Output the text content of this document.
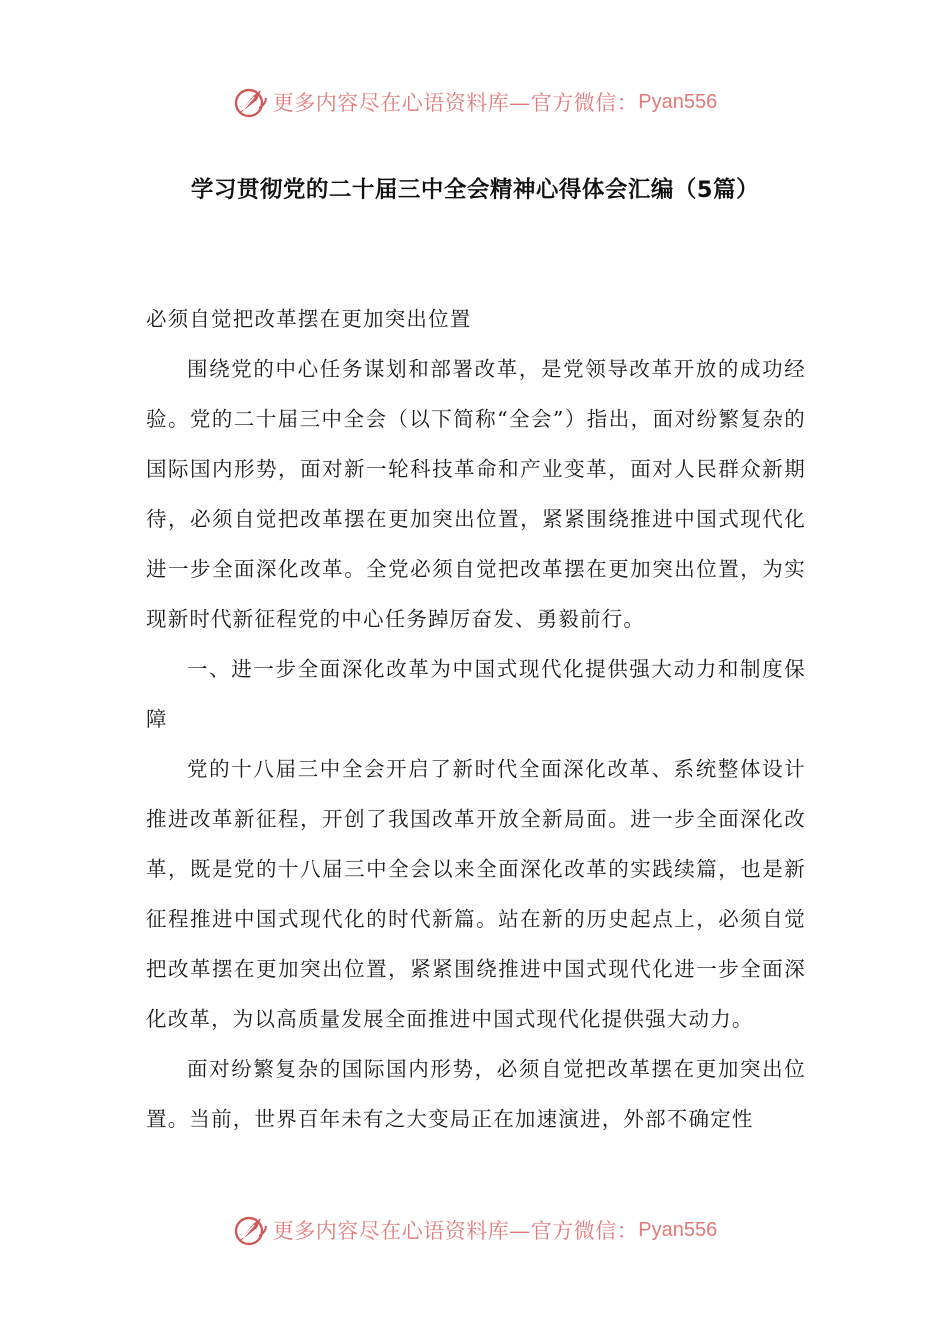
更多内容尽在心语资料库—官方微信： Pyan556
学习贯彻党的二十届三中全会精神心得体会汇编（5篇）

必须自觉把改革摆在更加突出位置

围绕党的中心任务谋划和部署改革，是党领导改革开放的成功经验。党的二十届三中全会（以下简称“全会”）指出，面对纷繁复杂的国际国内形势，面对新一轮科技革命和产业变革，面对人民群众新期待，必须自觉把改革摆在更加突出位置，紧紧围绕推进中国式现代化进一步全面深化改革。全党必须自觉把改革摆在更加突出位置，为实现新时代新征程党的中心任务踔厉奋发、勇毅前行。

一、进一步全面深化改革为中国式现代化提供强大动力和制度保障

党的十八届三中全会开启了新时代全面深化改革、系统整体设计推进改革新征程，开创了我国改革开放全新局面。进一步全面深化改革，既是党的十八届三中全会以来全面深化改革的实践续篇，也是新征程推进中国式现代化的时代新篇。站在新的历史起点上，必须自觉把改革摆在更加突出位置，紧紧围绕推进中国式现代化进一步全面深化改革，为以高质量发展全面推进中国式现代化提供强大动力。

面对纷繁复杂的国际国内形势，必须自觉把改革摆在更加突出位置。当前，世界百年未有之大变局正在加速演进，外部不确定性

更多内容尽在心语资料库—官方微信： Pyan556
